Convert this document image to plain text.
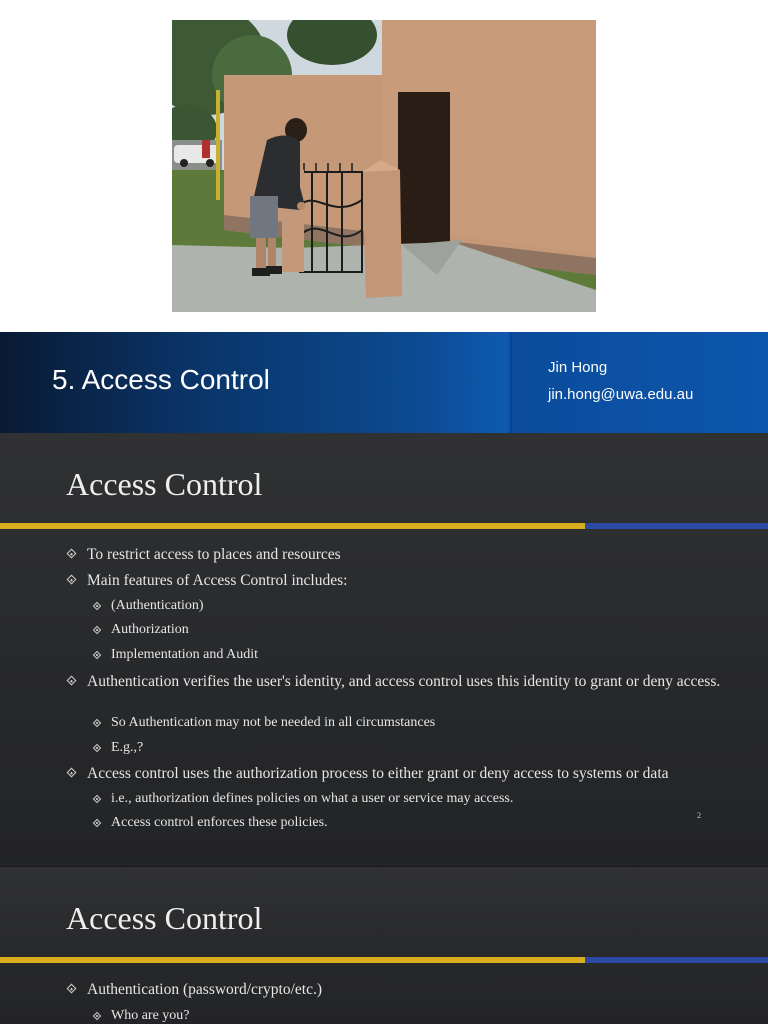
5. Access Control	Jin Hong
jin.hong@uwa.edu.au
Access Control
To restrict access to places and resources
Main features of Access Control includes:
(Authentication)
Authorization
Implementation and Audit
Authentication verifies the user's identity, and access control uses this identity to grant or deny access.
So Authentication may not be needed in all circumstances
E.g.,?
Access control uses the authorization process to either grant or deny access to systems or data
i.e., authorization defines policies on what a user or service may access.
Access control enforces these policies.	2
Access Control
Authentication (password/crypto/etc.)
Who are you?
